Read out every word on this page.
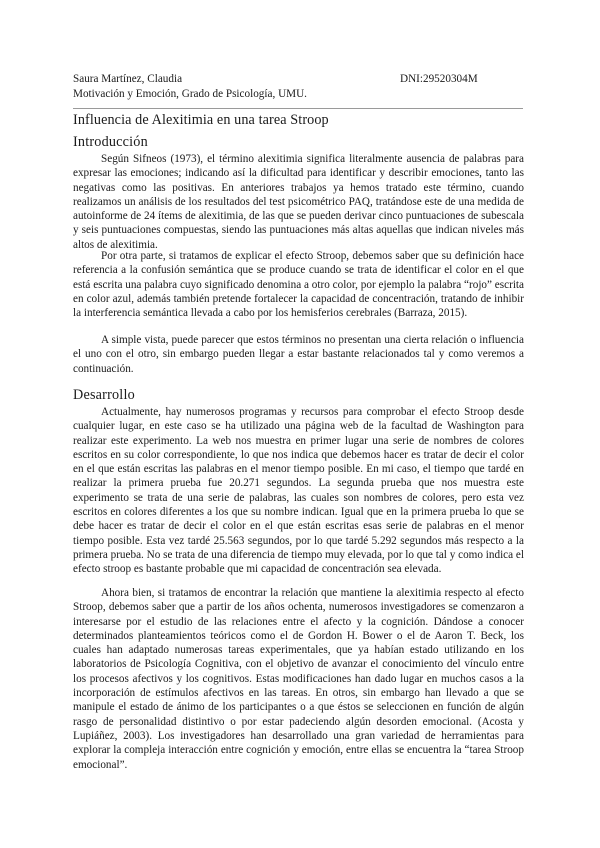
Saura Martínez, Claudia	DNI:29520304M
Motivación y Emoción, Grado de Psicología, UMU.
Influencia de Alexitimia en una tarea Stroop
Introducción

Según Sifneos (1973), el término alexitimia significa literalmente ausencia de palabras para expresar las emociones; indicando así la dificultad para identificar y describir emociones, tanto las negativas como las positivas. En anteriores trabajos ya hemos tratado este término, cuando realizamos un análisis de los resultados del test psicométrico PAQ, tratándose este de una medida de autoinforme de 24 ítems de alexitimia, de las que se pueden derivar cinco puntuaciones de subescala y seis puntuaciones compuestas, siendo las puntuaciones más altas aquellas que indican niveles más altos de alexitimia.

Por otra parte, si tratamos de explicar el efecto Stroop, debemos saber que su definición hace referencia a la confusión semántica que se produce cuando se trata de identificar el color en el que está escrita una palabra cuyo significado denomina a otro color, por ejemplo la palabra “rojo” escrita en color azul, además también pretende fortalecer la capacidad de concentración, tratando de inhibir la interferencia semántica llevada a cabo por los hemisferios cerebrales (Barraza, 2015).

A simple vista, puede parecer que estos términos no presentan una cierta relación o influencia el uno con el otro, sin embargo pueden llegar a estar bastante relacionados tal y como veremos a continuación.

Desarrollo

Actualmente, hay numerosos programas y recursos para comprobar el efecto Stroop desde cualquier lugar, en este caso se ha utilizado una página web de la facultad de Washington para realizar este experimento. La web nos muestra en primer lugar una serie de nombres de colores escritos en su color correspondiente, lo que nos indica que debemos hacer es tratar de decir el color en el que están escritas las palabras en el menor tiempo posible. En mi caso, el tiempo que tardé en realizar la primera prueba fue 20.271 segundos. La segunda prueba que nos muestra este experimento se trata de una serie de palabras, las cuales son nombres de colores, pero esta vez escritos en colores diferentes a los que su nombre indican. Igual que en la primera prueba lo que se debe hacer es tratar de decir el color en el que están escritas esas serie de palabras en el menor tiempo posible. Esta vez tardé 25.563 segundos, por lo que tardé 5.292 segundos más respecto a la primera prueba. No se trata de una diferencia de tiempo muy elevada, por lo que tal y como indica el efecto stroop es bastante probable que mi capacidad de concentración sea elevada.

Ahora bien, si tratamos de encontrar la relación que mantiene la alexitimia respecto al efecto Stroop, debemos saber que a partir de los años ochenta, numerosos investigadores se comenzaron a interesarse por el estudio de las relaciones entre el afecto y la cognición. Dándose a conocer determinados planteamientos teóricos como el de Gordon H. Bower o el de Aaron T. Beck, los cuales han adaptado numerosas tareas experimentales, que ya habían estado utilizando en los laboratorios de Psicología Cognitiva, con el objetivo de avanzar el conocimiento del vínculo entre los procesos afectivos y los cognitivos. Estas modificaciones han dado lugar en muchos casos a la incorporación de estímulos afectivos en las tareas. En otros, sin embargo han llevado a que se manipule el estado de ánimo de los participantes o a que éstos se seleccionen en función de algún rasgo de personalidad distintivo o por estar padeciendo algún desorden emocional. (Acosta y Lupiáñez, 2003). Los investigadores han desarrollado una gran variedad de herramientas para explorar la compleja interacción entre cognición y emoción, entre ellas se encuentra la “tarea Stroop emocional”.
